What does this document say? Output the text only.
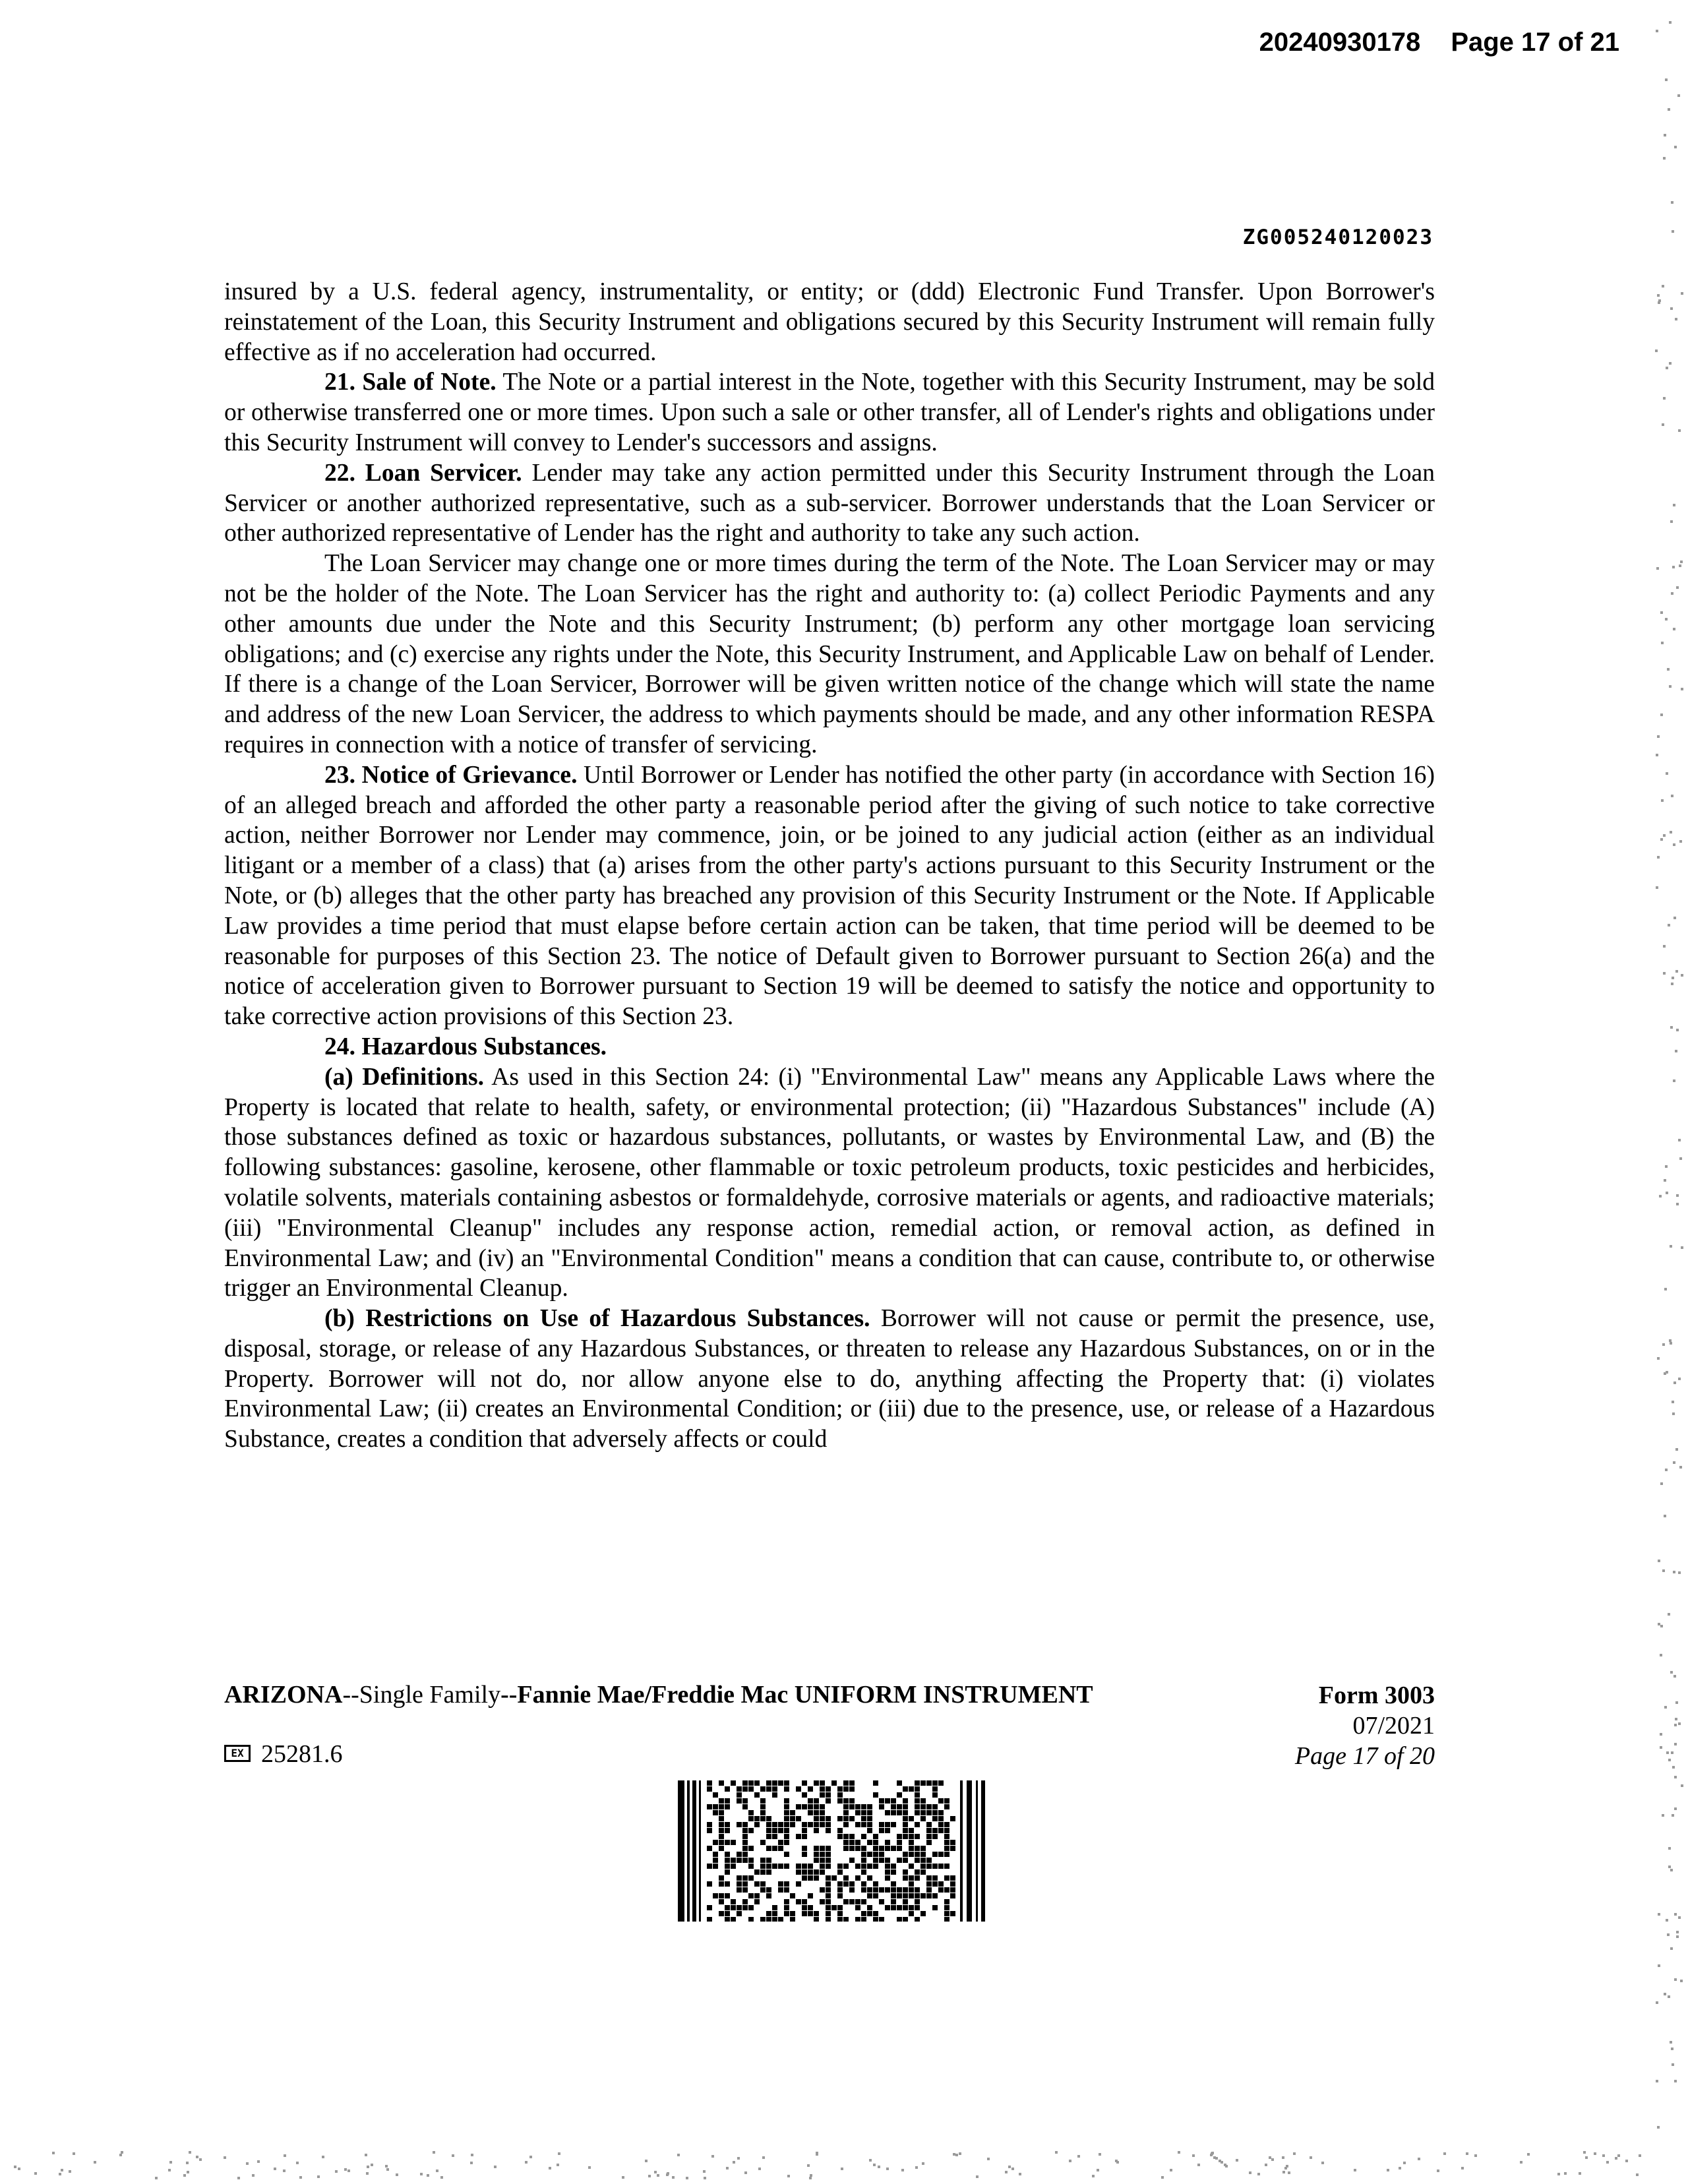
20240930178 Page 17 of 21
ZG005240120023

insured by a U.S. federal agency, instrumentality, or entity; or (ddd) Electronic Fund Transfer. Upon Borrower's reinstatement of the Loan, this Security Instrument and obligations secured by this Security Instrument will remain fully effective as if no acceleration had occurred.

21. Sale of Note. The Note or a partial interest in the Note, together with this Security Instrument, may be sold or otherwise transferred one or more times. Upon such a sale or other transfer, all of Lender's rights and obligations under this Security Instrument will convey to Lender's successors and assigns.

22. Loan Servicer. Lender may take any action permitted under this Security Instrument through the Loan Servicer or another authorized representative, such as a sub-servicer. Borrower understands that the Loan Servicer or other authorized representative of Lender has the right and authority to take any such action.

The Loan Servicer may change one or more times during the term of the Note. The Loan Servicer may or may not be the holder of the Note. The Loan Servicer has the right and authority to: (a) collect Periodic Payments and any other amounts due under the Note and this Security Instrument; (b) perform any other mortgage loan servicing obligations; and (c) exercise any rights under the Note, this Security Instrument, and Applicable Law on behalf of Lender. If there is a change of the Loan Servicer, Borrower will be given written notice of the change which will state the name and address of the new Loan Servicer, the address to which payments should be made, and any other information RESPA requires in connection with a notice of transfer of servicing.

23. Notice of Grievance. Until Borrower or Lender has notified the other party (in accordance with Section 16) of an alleged breach and afforded the other party a reasonable period after the giving of such notice to take corrective action, neither Borrower nor Lender may commence, join, or be joined to any judicial action (either as an individual litigant or a member of a class) that (a) arises from the other party's actions pursuant to this Security Instrument or the Note, or (b) alleges that the other party has breached any provision of this Security Instrument or the Note. If Applicable Law provides a time period that must elapse before certain action can be taken, that time period will be deemed to be reasonable for purposes of this Section 23. The notice of Default given to Borrower pursuant to Section 26(a) and the notice of acceleration given to Borrower pursuant to Section 19 will be deemed to satisfy the notice and opportunity to take corrective action provisions of this Section 23.

24. Hazardous Substances.

(a) Definitions. As used in this Section 24: (i) "Environmental Law" means any Applicable Laws where the Property is located that relate to health, safety, or environmental protection; (ii) "Hazardous Substances" include (A) those substances defined as toxic or hazardous substances, pollutants, or wastes by Environmental Law, and (B) the following substances: gasoline, kerosene, other flammable or toxic petroleum products, toxic pesticides and herbicides, volatile solvents, materials containing asbestos or formaldehyde, corrosive materials or agents, and radioactive materials; (iii) "Environmental Cleanup" includes any response action, remedial action, or removal action, as defined in Environmental Law; and (iv) an "Environmental Condition" means a condition that can cause, contribute to, or otherwise trigger an Environmental Cleanup.

(b) Restrictions on Use of Hazardous Substances. Borrower will not cause or permit the presence, use, disposal, storage, or release of any Hazardous Substances, or threaten to release any Hazardous Substances, on or in the Property. Borrower will not do, nor allow anyone else to do, anything affecting the Property that: (i) violates Environmental Law; (ii) creates an Environmental Condition; or (iii) due to the presence, use, or release of a Hazardous Substance, creates a condition that adversely affects or could

ARIZONA--Single Family--Fannie Mae/Freddie Mac UNIFORM INSTRUMENT	Form 3003
07/2021
Page 17 of 20
EX 25281.6
